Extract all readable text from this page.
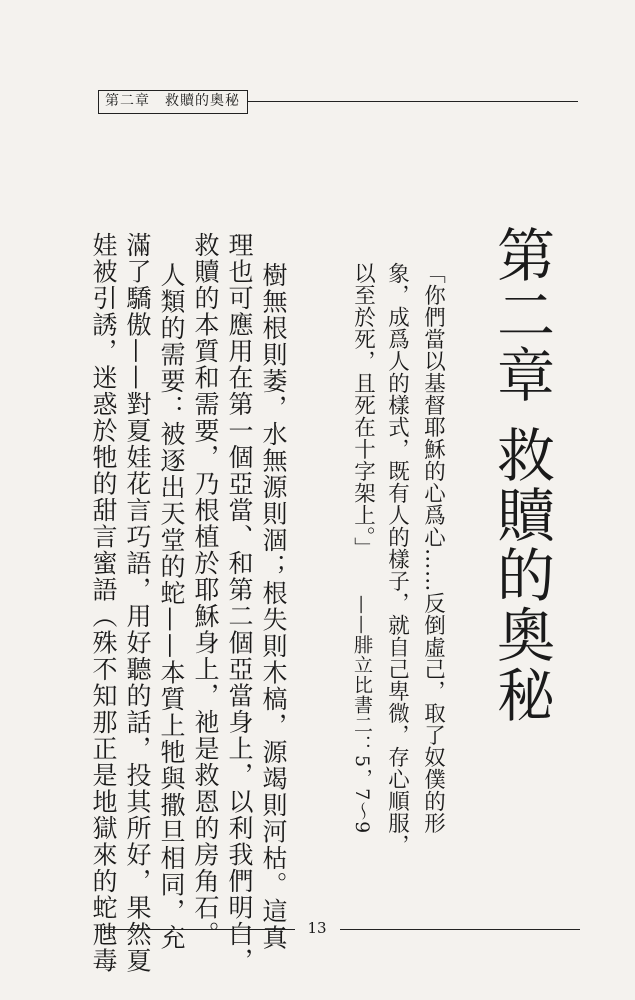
第二章　救贖的奧秘
第二章
救贖的奧秘
「你們當以基督耶穌的心爲心……反倒虛己，取了奴僕的形
象，成爲人的樣式，既有人的樣子，就自己卑微，存心順服，
以至於死，且死在十字架上。」
——腓立比書二：5，7～9
樹無根則萎，水無源則涸；根失則木槁，源竭則河枯。這真
理也可應用在第一個亞當、和第二個亞當身上，以利我們明白，
救贖的本質和需要，乃根植於耶穌身上，祂是救恩的房角石。
人類的需要：被逐出天堂的蛇——本質上牠與撒旦相同，充
滿了驕傲——對夏娃花言巧語，用好聽的話，投其所好，果然夏
娃被引誘，迷惑於牠的甜言蜜語（殊不知那正是地獄來的蛇虺毒	13
